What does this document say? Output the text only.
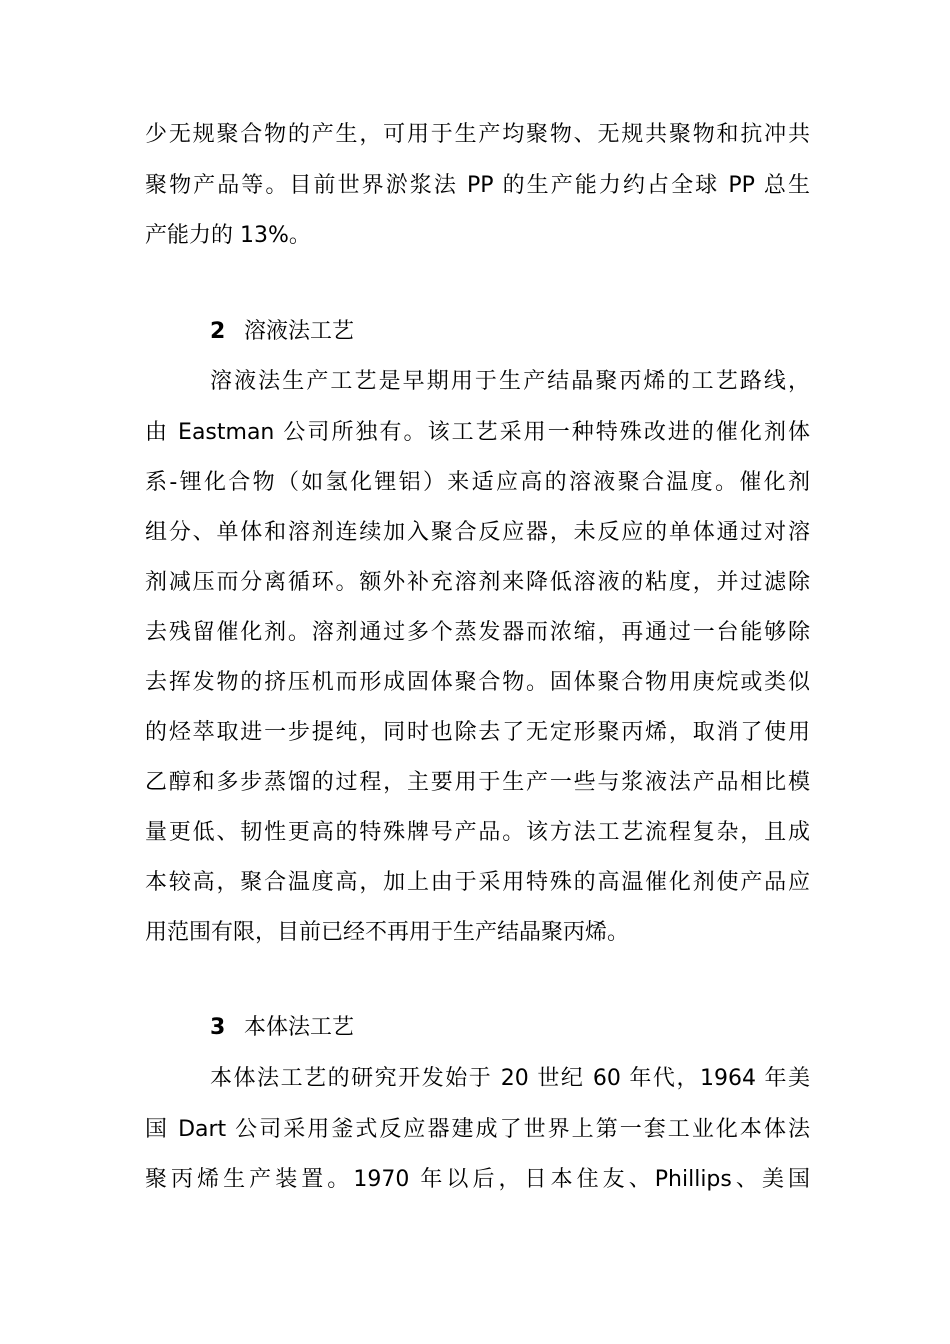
少无规聚合物的产生，可用于生产均聚物、无规共聚物和抗冲共
聚物产品等。目前世界淤浆法 PP 的生产能力约占全球 PP 总生
产能力的 13%。
2 溶液法工艺
溶液法生产工艺是早期用于生产结晶聚丙烯的工艺路线，
由 Eastman 公司所独有。该工艺采用一种特殊改进的催化剂体
系-锂化合物（如氢化锂铝）来适应高的溶液聚合温度。催化剂
组分、单体和溶剂连续加入聚合反应器，未反应的单体通过对溶
剂减压而分离循环。额外补充溶剂来降低溶液的粘度，并过滤除
去残留催化剂。溶剂通过多个蒸发器而浓缩，再通过一台能够除
去挥发物的挤压机而形成固体聚合物。固体聚合物用庚烷或类似
的烃萃取进一步提纯，同时也除去了无定形聚丙烯，取消了使用
乙醇和多步蒸馏的过程，主要用于生产一些与浆液法产品相比模
量更低、韧性更高的特殊牌号产品。该方法工艺流程复杂，且成
本较高，聚合温度高，加上由于采用特殊的高温催化剂使产品应
用范围有限，目前已经不再用于生产结晶聚丙烯。
3 本体法工艺
本体法工艺的研究开发始于 20 世纪 60 年代，1964 年美
国 Dart 公司采用釜式反应器建成了世界上第一套工业化本体法
聚丙烯生产装置。1970 年以后，日本住友、Phillips、美国
